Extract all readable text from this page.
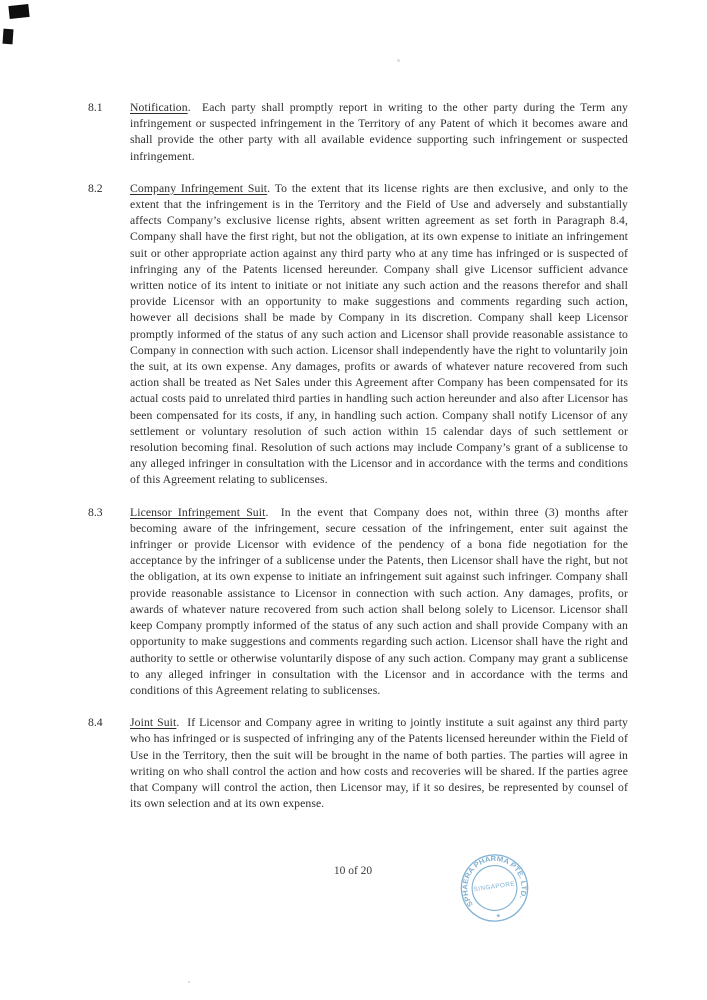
8.1	Notification.  Each party shall promptly report in writing to the other party during the Term any infringement or suspected infringement in the Territory of any Patent of which it becomes aware and shall provide the other party with all available evidence supporting such infringement or suspected infringement.
8.2	Company Infringement Suit. To the extent that its license rights are then exclusive, and only to the extent that the infringement is in the Territory and the Field of Use and adversely and substantially affects Company’s exclusive license rights, absent written agreement as set forth in Paragraph 8.4, Company shall have the first right, but not the obligation, at its own expense to initiate an infringement suit or other appropriate action against any third party who at any time has infringed or is suspected of infringing any of the Patents licensed hereunder. Company shall give Licensor sufficient advance written notice of its intent to initiate or not initiate any such action and the reasons therefor and shall provide Licensor with an opportunity to make suggestions and comments regarding such action, however all decisions shall be made by Company in its discretion. Company shall keep Licensor promptly informed of the status of any such action and Licensor shall provide reasonable assistance to Company in connection with such action. Licensor shall independently have the right to voluntarily join the suit, at its own expense. Any damages, profits or awards of whatever nature recovered from such action shall be treated as Net Sales under this Agreement after Company has been compensated for its actual costs paid to unrelated third parties in handling such action hereunder and also after Licensor has been compensated for its costs, if any, in handling such action. Company shall notify Licensor of any settlement or voluntary resolution of such action within 15 calendar days of such settlement or resolution becoming final. Resolution of such actions may include Company’s grant of a sublicense to any alleged infringer in consultation with the Licensor and in accordance with the terms and conditions of this Agreement relating to sublicenses.
8.3	Licensor Infringement Suit.  In the event that Company does not, within three (3) months after becoming aware of the infringement, secure cessation of the infringement, enter suit against the infringer or provide Licensor with evidence of the pendency of a bona fide negotiation for the acceptance by the infringer of a sublicense under the Patents, then Licensor shall have the right, but not the obligation, at its own expense to initiate an infringement suit against such infringer. Company shall provide reasonable assistance to Licensor in connection with such action. Any damages, profits, or awards of whatever nature recovered from such action shall belong solely to Licensor. Licensor shall keep Company promptly informed of the status of any such action and shall provide Company with an opportunity to make suggestions and comments regarding such action. Licensor shall have the right and authority to settle or otherwise voluntarily dispose of any such action. Company may grant a sublicense to any alleged infringer in consultation with the Licensor and in accordance with the terms and conditions of this Agreement relating to sublicenses.
8.4	Joint Suit.  If Licensor and Company agree in writing to jointly institute a suit against any third party who has infringed or is suspected of infringing any of the Patents licensed hereunder within the Field of Use in the Territory, then the suit will be brought in the name of both parties. The parties will agree in writing on who shall control the action and how costs and recoveries will be shared. If the parties agree that Company will control the action, then Licensor may, if it so desires, be represented by counsel of its own selection and at its own expense.
10 of 20
SPHAERA PHARMA PTE. LTD.
SINGAPORE
★
